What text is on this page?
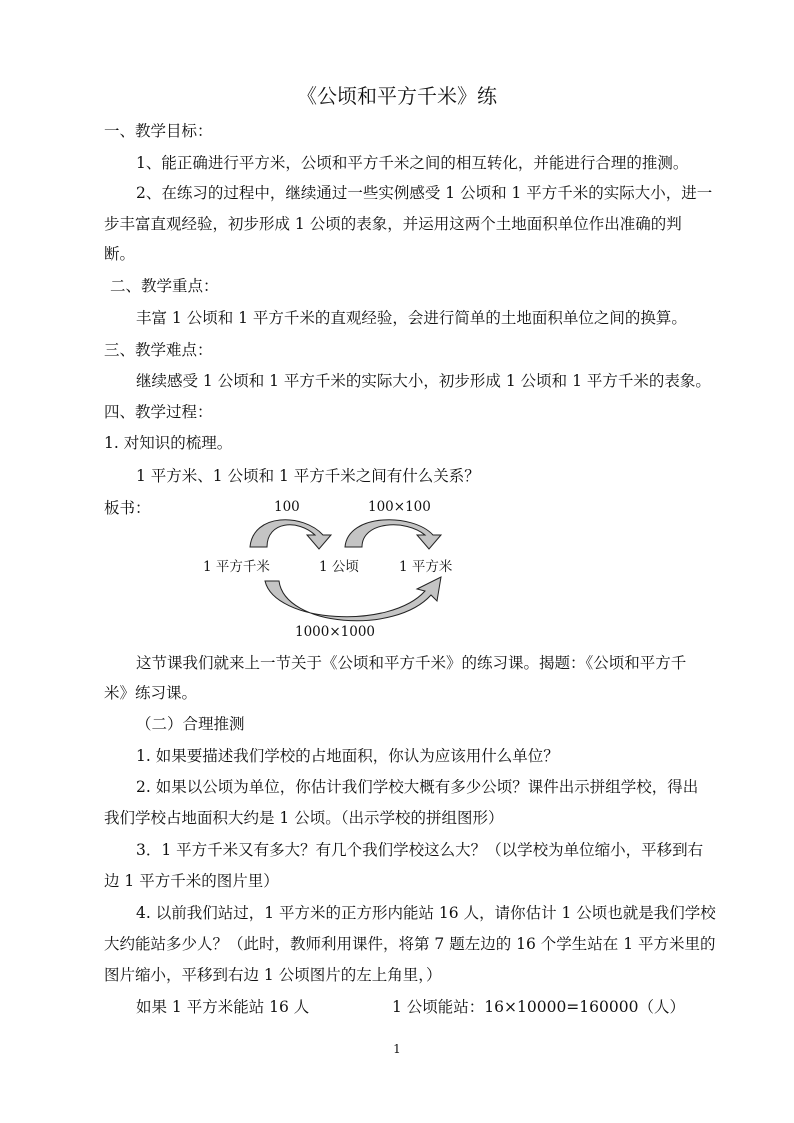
《公顷和平方千米》练
一、教学目标：
1、能正确进行平方米，公顷和平方千米之间的相互转化，并能进行合理的推测。
2、在练习的过程中，继续通过一些实例感受 1 公顷和 1 平方千米的实际大小，进一
步丰富直观经验，初步形成 1 公顷的表象，并运用这两个土地面积单位作出准确的判
断。
二、教学重点：
丰富 1 公顷和 1 平方千米的直观经验，会进行简单的土地面积单位之间的换算。
三、教学难点：
继续感受 1 公顷和 1 平方千米的实际大小，初步形成 1 公顷和 1 平方千米的表象。
四、教学过程：
1. 对知识的梳理。
1 平方米、1 公顷和 1 平方千米之间有什么关系？
板书：	100	100×100
1 平方千米	1 公顷	1 平方米
1000×1000
这节课我们就来上一节关于《公顷和平方千米》的练习课。揭题：《公顷和平方千
米》练习课。
（二）合理推测
1. 如果要描述我们学校的占地面积，你认为应该用什么单位？
2. 如果以公顷为单位，你估计我们学校大概有多少公顷？课件出示拼组学校，得出
我们学校占地面积大约是 1 公顷。（出示学校的拼组图形）
3．1 平方千米又有多大？有几个我们学校这么大？（以学校为单位缩小，平移到右
边 1 平方千米的图片里）
4. 以前我们站过，1 平方米的正方形内能站 16 人，请你估计 1 公顷也就是我们学校
大约能站多少人？（此时，教师利用课件，将第 7 题左边的 16 个学生站在 1 平方米里的
图片缩小，平移到右边 1 公顷图片的左上角里，）
如果 1 平方米能站 16 人	1 公顷能站：16×10000=160000（人）
1
